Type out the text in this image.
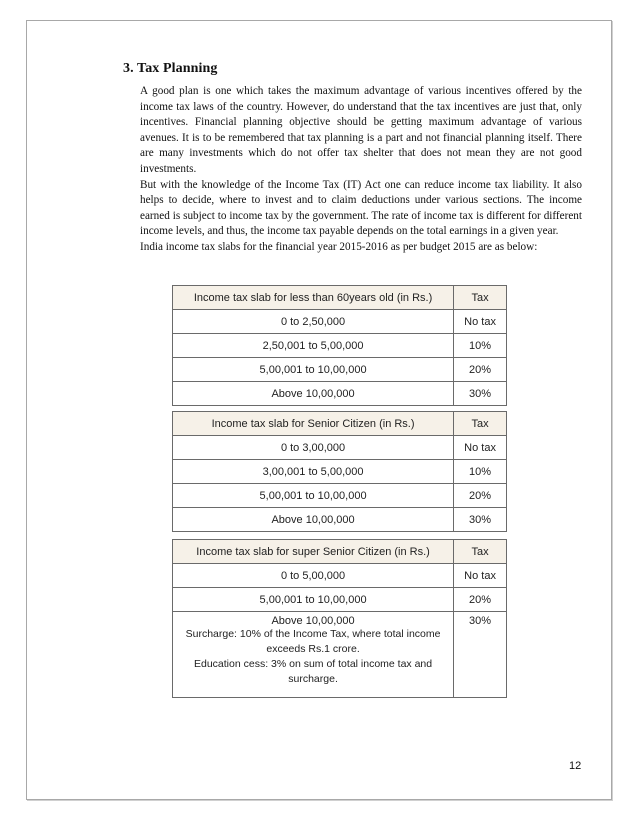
3. Tax Planning

A good plan is one which takes the maximum advantage of various incentives offered by the income tax laws of the country. However, do understand that the tax incentives are just that, only incentives. Financial planning objective should be getting maximum advantage of various avenues. It is to be remembered that tax planning is a part and not financial planning itself. There are many investments which do not offer tax shelter that does not mean they are not good investments.

But with the knowledge of the Income Tax (IT) Act one can reduce income tax liability. It also helps to decide, where to invest and to claim deductions under various sections. The income earned is subject to income tax by the government. The rate of income tax is different for different income levels, and thus, the income tax payable depends on the total earnings in a given year.

India income tax slabs for the financial year 2015-2016 as per budget 2015 are as below:

Income tax slab for less than 60years old (in Rs.)	Tax
0 to 2,50,000	No tax
2,50,001 to 5,00,000	10%
5,00,001 to 10,00,000	20%
Above 10,00,000	30%
Income tax slab for Senior Citizen (in Rs.)	Tax
0 to 3,00,000	No tax
3,00,001 to 5,00,000	10%
5,00,001 to 10,00,000	20%
Above 10,00,000	30%
Income tax slab for super Senior Citizen (in Rs.)	Tax
0 to 5,00,000	No tax
5,00,001 to 10,00,000	20%

Above 10,00,000
Surcharge: 10% of the Income Tax, where total income exceeds Rs.1 crore.
Education cess: 3% on sum of total income tax and surcharge.	30%
12
